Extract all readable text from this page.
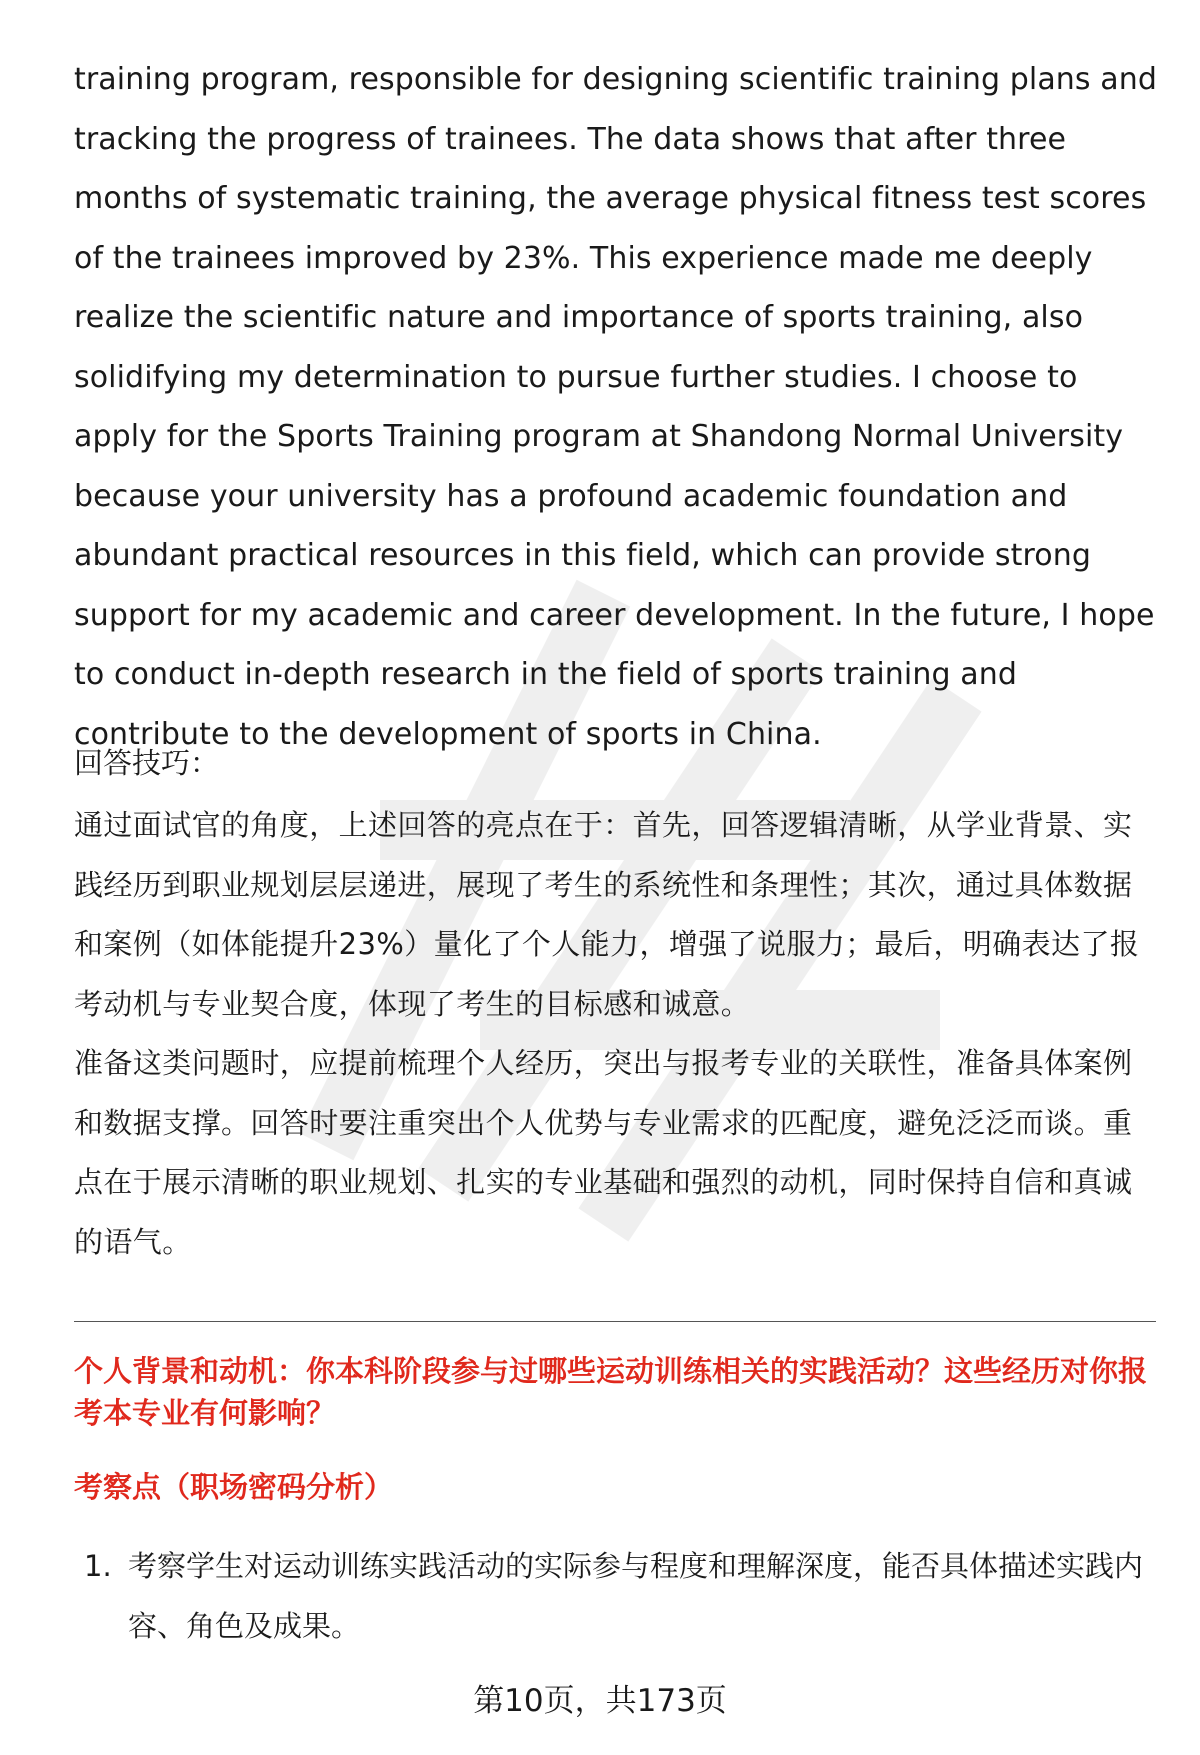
training program, responsible for designing scientific training plans and tracking the progress of trainees. The data shows that after three months of systematic training, the average physical fitness test scores of the trainees improved by 23%. This experience made me deeply realize the scientific nature and importance of sports training, also solidifying my determination to pursue further studies. I choose to apply for the Sports Training program at Shandong Normal University because your university has a profound academic foundation and abundant practical resources in this field, which can provide strong support for my academic and career development. In the future, I hope to conduct in-depth research in the field of sports training and contribute to the development of sports in China.

回答技巧：

通过面试官的角度，上述回答的亮点在于：首先，回答逻辑清晰，从学业背景、实践经历到职业规划层层递进，展现了考生的系统性和条理性；其次，通过具体数据和案例（如体能提升23%）量化了个人能力，增强了说服力；最后，明确表达了报考动机与专业契合度，体现了考生的目标感和诚意。

准备这类问题时，应提前梳理个人经历，突出与报考专业的关联性，准备具体案例和数据支撑。回答时要注重突出个人优势与专业需求的匹配度，避免泛泛而谈。重点在于展示清晰的职业规划、扎实的专业基础和强烈的动机，同时保持自信和真诚的语气。

个人背景和动机：你本科阶段参与过哪些运动训练相关的实践活动？这些经历对你报考本专业有何影响？

考察点（职场密码分析）

1. 考察学生对运动训练实践活动的实际参与程度和理解深度，能否具体描述实践内容、角色及成果。

第10页，共173页
